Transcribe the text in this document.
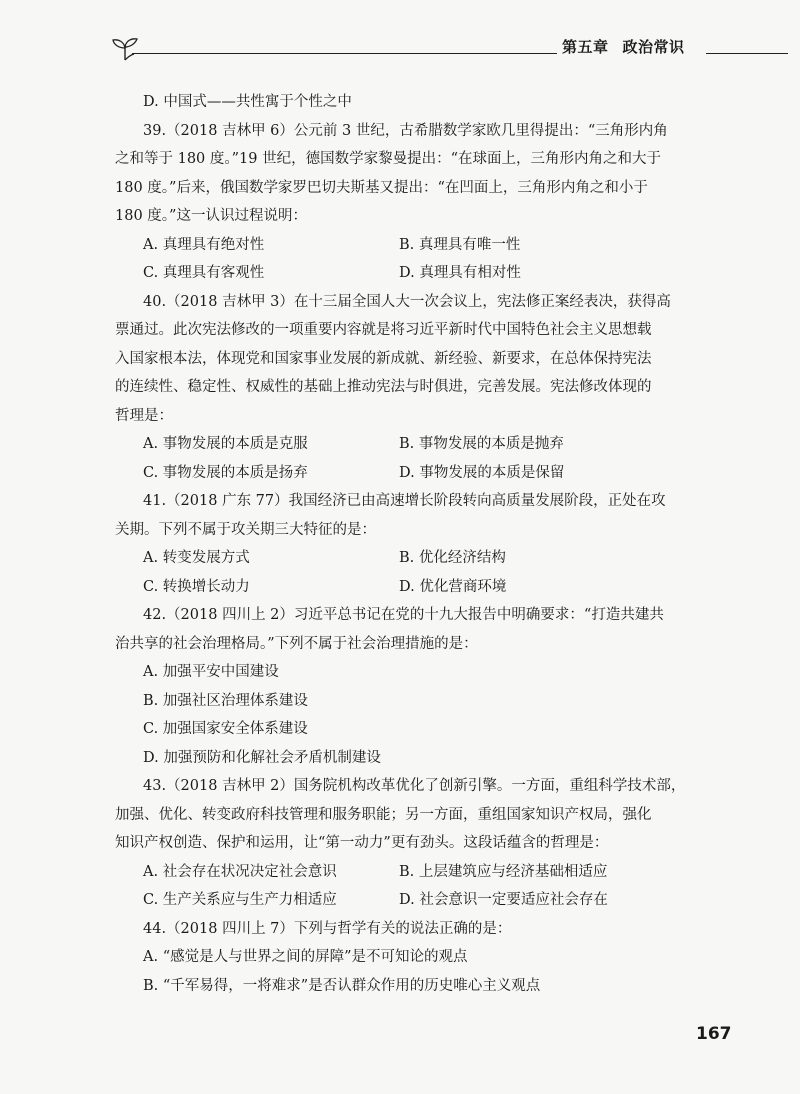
第五章 政治常识
D. 中国式——共性寓于个性之中
39.（2018 吉林甲 6）公元前 3 世纪，古希腊数学家欧几里得提出：“三角形内角
之和等于 180 度。”19 世纪，德国数学家黎曼提出：“在球面上，三角形内角之和大于
180 度。”后来，俄国数学家罗巴切夫斯基又提出：“在凹面上，三角形内角之和小于
180 度。”这一认识过程说明：
A. 真理具有绝对性	B. 真理具有唯一性
C. 真理具有客观性	D. 真理具有相对性
40.（2018 吉林甲 3）在十三届全国人大一次会议上，宪法修正案经表决，获得高
票通过。此次宪法修改的一项重要内容就是将习近平新时代中国特色社会主义思想载
入国家根本法，体现党和国家事业发展的新成就、新经验、新要求，在总体保持宪法
的连续性、稳定性、权威性的基础上推动宪法与时俱进，完善发展。宪法修改体现的
哲理是：
A. 事物发展的本质是克服	B. 事物发展的本质是抛弃
C. 事物发展的本质是扬弃	D. 事物发展的本质是保留
41.（2018 广东 77）我国经济已由高速增长阶段转向高质量发展阶段，正处在攻
关期。下列不属于攻关期三大特征的是：
A. 转变发展方式	B. 优化经济结构
C. 转换增长动力	D. 优化营商环境
42.（2018 四川上 2）习近平总书记在党的十九大报告中明确要求：“打造共建共
治共享的社会治理格局。”下列不属于社会治理措施的是：
A. 加强平安中国建设
B. 加强社区治理体系建设
C. 加强国家安全体系建设
D. 加强预防和化解社会矛盾机制建设
43.（2018 吉林甲 2）国务院机构改革优化了创新引擎。一方面，重组科学技术部，
加强、优化、转变政府科技管理和服务职能；另一方面，重组国家知识产权局，强化
知识产权创造、保护和运用，让“第一动力”更有劲头。这段话蕴含的哲理是：
A. 社会存在状况决定社会意识	B. 上层建筑应与经济基础相适应
C. 生产关系应与生产力相适应	D. 社会意识一定要适应社会存在
44.（2018 四川上 7）下列与哲学有关的说法正确的是：
A. “感觉是人与世界之间的屏障”是不可知论的观点
B. “千军易得，一将难求”是否认群众作用的历史唯心主义观点
167
